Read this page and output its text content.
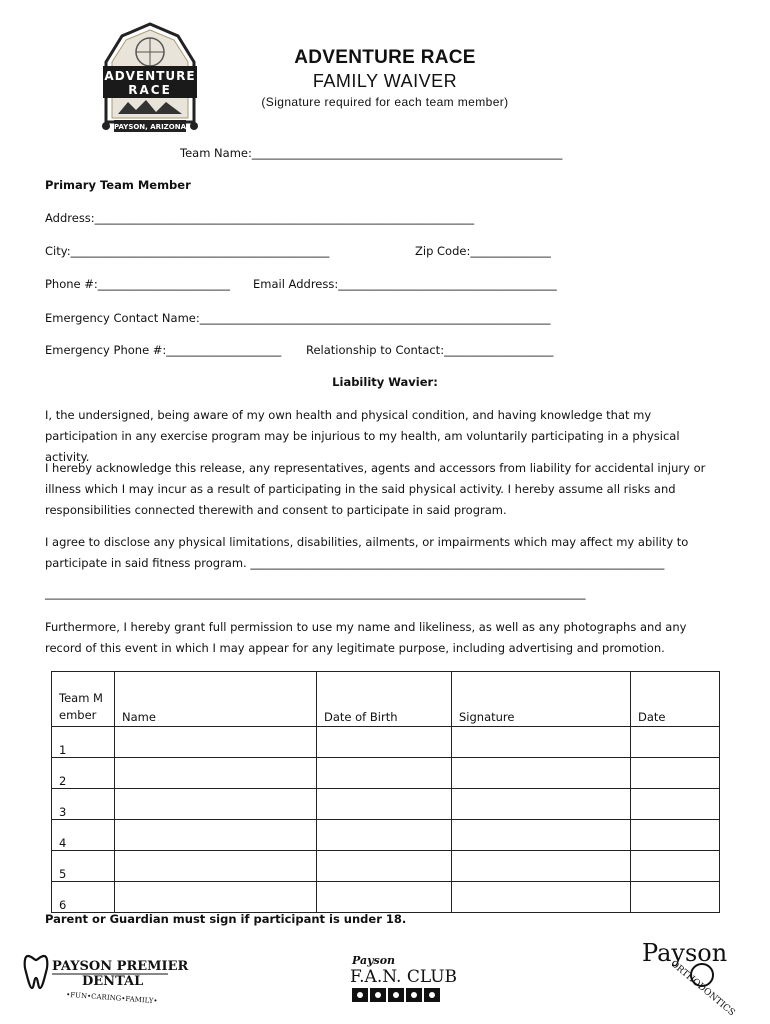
ADVENTURE
RACE
PAYSON, ARIZONA
ADVENTURE RACE
FAMILY WAIVER
(Signature required for each team member)
Team Name:______________________________________________________
Primary Team Member
Address:__________________________________________________________________
City:_____________________________________________	Zip Code:______________
Phone #:_______________________ Email Address:______________________________________
Emergency Contact Name:_____________________________________________________________
Emergency Phone #:____________________ Relationship to Contact:___________________
Liability Wavier:
I, the undersigned, being aware of my own health and physical condition, and having knowledge that my participation in any exercise program may be injurious to my health, am voluntarily participating in a physical activity.
I hereby acknowledge this release, any representatives, agents and accessors from liability for accidental injury or illness which I may incur as a result of participating in the said physical activity. I hereby assume all risks and responsibilities connected therewith and consent to participate in said program.
I agree to disclose any physical limitations, disabilities, ailments, or impairments which may affect my ability to participate in said fitness program. ________________________________________________________________________
______________________________________________________________________________________________
Furthermore, I hereby grant full permission to use my name and likeliness, as well as any photographs and any record of this event in which I may appear for any legitimate purpose, including advertising and promotion.
Team Member	Name	Date of Birth	Signature	Date
1				
2				
3				
4				
5				
6				
Parent or Guardian must sign if participant is under 18.
PAYSON PREMIER
DENTAL
•FUN•CARING•FAMILY•
Payson
F.A.N. CLUB
Payson
ORTHODONTICS
